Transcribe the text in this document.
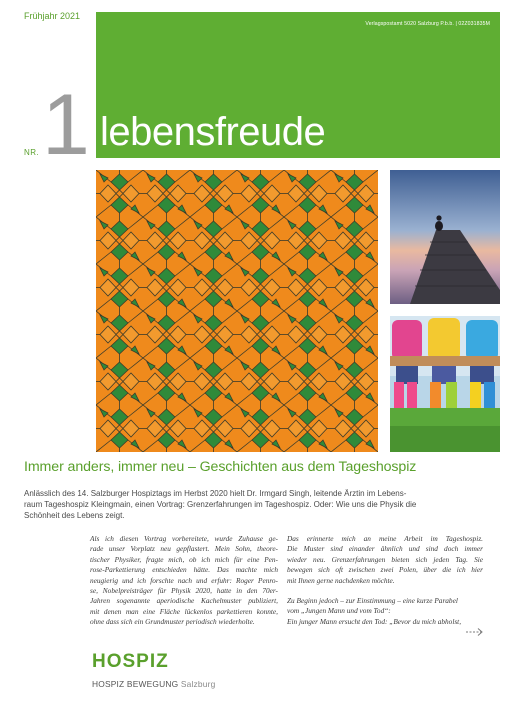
Frühjahr 2021
Verlagspostamt 5020 Salzburg P.b.b. | 02Z031835M
NR. 1 lebensfreude
Immer anders, immer neu – Geschichten aus dem Tageshospiz
Anlässlich des 14. Salzburger Hospiztags im Herbst 2020 hielt Dr. Irmgard Singh, leitende Ärztin im Lebens-
raum Tageshospiz Kleingmain, einen Vortrag: Grenzerfahrungen im Tageshospiz. Oder: Wie uns die Physik die
Schönheit des Lebens zeigt.

Als ich diesen Vortrag vorbereitete, wurde Zuhause ge-
rade unser Vorplatz neu gepflastert. Mein Sohn, theore-
tischer Physiker, fragte mich, ob ich mich für eine Pen-
rose-Parkettierung entschieden hätte. Das machte mich
neugierig und ich forschte nach und erfuhr: Roger Penro-
se, Nobelpreisträger für Physik 2020, hatte in den 70er-
Jahren sogenannte aperiodische Kachelmuster publiziert,
mit denen man eine Fläche lückenlos parkettieren konnte,
ohne dass sich ein Grundmuster periodisch wiederholte.

Das erinnerte mich an meine Arbeit im Tageshospiz.
Die Muster sind einander ähnlich und sind doch immer
wieder neu. Grenzerfahrungen bieten sich jeden Tag. Sie
bewegen sich oft zwischen zwei Polen, über die ich hier
mit Ihnen gerne nachdenken möchte.

Zu Beginn jedoch – zur Einstimmung – eine kurze Parabel
vom „Jungen Mann und vom Tod“:
Ein junger Mann ersucht den Tod: „Bevor du mich abholst,

HOSPIZ
HOSPIZ BEWEGUNG Salzburg
